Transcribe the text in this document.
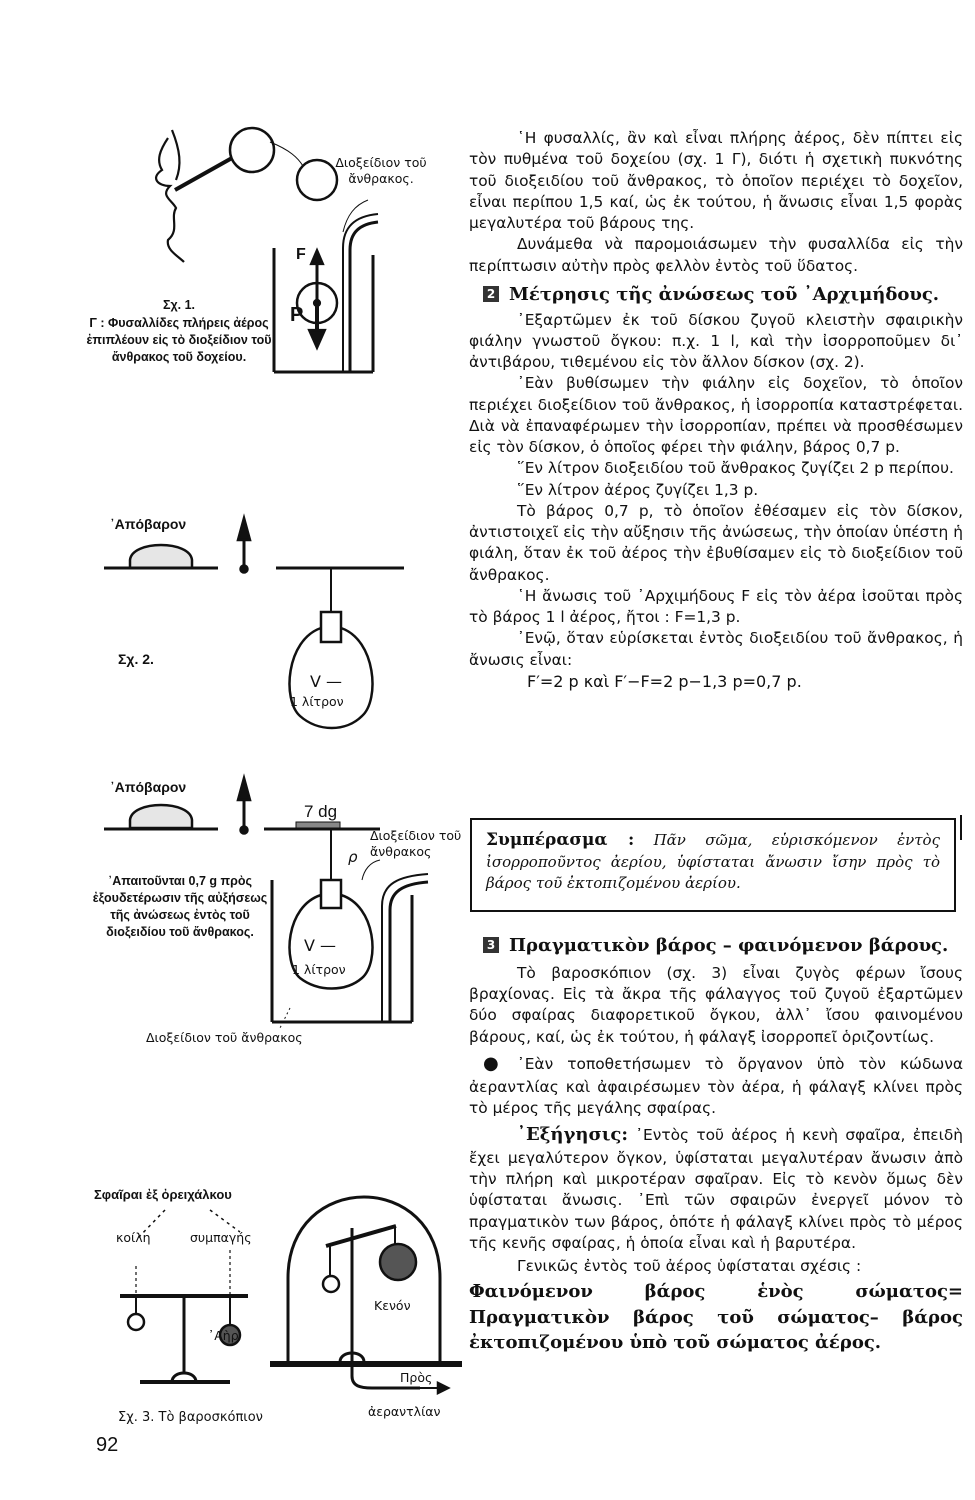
Διοξείδιον τοῦ ἄνθρακος.
F
P
Σχ. 1.
Γ : Φυσαλλίδες πλήρεις ἀέρος ἐπιπλέουν εἰς τὸ διοξείδιον τοῦ ἄνθρακος τοῦ δοχείου.
᾿Απόβαρον
Σχ. 2.
V —
1 λίτρον
᾿Απόβαρον
7 dg
Διοξείδιον τοῦ ἄνθρακος
ρ
᾿Απαιτοῦνται 0,7 g πρὸς ἐξουδετέρωσιν τῆς αὐξήσεως τῆς ἀνώσεως ἐντὸς τοῦ διοξειδίου τοῦ ἄνθρακος.
V —
1 λίτρον
Διοξείδιον τοῦ ἄνθρακος
Σφαῖραι ἐξ ὀρειχάλκου
κοίλη	συμπαγής
᾿Αὴρ
Κενόν
Πρὸς
ἀεραντλίαν
Σχ. 3. Τὸ βαροσκόπιον

῾Η φυσαλλίς, ἂν καὶ εἶναι πλήρης ἀέρος, δὲν πίπτει εἰς τὸν πυθμένα τοῦ δοχείου (σχ. 1 Γ), διότι ἡ σχετικὴ πυκνότης τοῦ διοξειδίου τοῦ ἄνθρακος, τὸ ὁποῖον περιέχει τὸ δοχεῖον, εἶναι περίπου 1,5 καί, ὡς ἐκ τούτου, ἡ ἄνωσις εἶναι 1,5 φορὰς μεγαλυτέρα τοῦ βάρους της.

Δυνάμεθα νὰ παρομοιάσωμεν τὴν φυσαλλίδα εἰς τὴν περίπτωσιν αὐτὴν πρὸς φελλὸν ἐντὸς τοῦ ὕδατος.

2 Μέτρησις τῆς ἀνώσεως τοῦ ᾿Αρχιμήδους.

᾿Εξαρτῶμεν ἐκ τοῦ δίσκου ζυγοῦ κλειστὴν σφαιρικὴν φιάλην γνωστοῦ ὄγκου: π.χ. 1 l, καὶ τὴν ἰσορροποῦμεν δι᾿ ἀντιβάρου, τιθεμένου εἰς τὸν ἄλλον δίσκον (σχ. 2).

᾿Εὰν βυθίσωμεν τὴν φιάλην εἰς δοχεῖον, τὸ ὁποῖον περιέχει διοξείδιον τοῦ ἄνθρακος, ἡ ἰσορροπία καταστρέφεται. Διὰ νὰ ἐπαναφέρωμεν τὴν ἰσορροπίαν, πρέπει νὰ προσθέσωμεν εἰς τὸν δίσκον, ὁ ὁποῖος φέρει τὴν φιάλην, βάρος 0,7 p.

῞Εν λίτρον διοξειδίου τοῦ ἄνθρακος ζυγίζει 2 p περίπου.

῞Εν λίτρον ἀέρος ζυγίζει 1,3 p.

Τὸ βάρος 0,7 p, τὸ ὁποῖον ἐθέσαμεν εἰς τὸν δίσκον, ἀντιστοιχεῖ εἰς τὴν αὔξησιν τῆς ἀνώσεως, τὴν ὁποίαν ὑπέστη ἡ φιάλη, ὅταν ἐκ τοῦ ἀέρος τὴν ἐβυθίσαμεν εἰς τὸ διοξείδιον τοῦ ἄνθρακος.

῾Η ἄνωσις τοῦ ᾿Αρχιμήδους F εἰς τὸν ἀέρα ἰσοῦται πρὸς τὸ βάρος 1 l ἀέρος, ἤτοι : F=1,3 p.

᾿Ενῷ, ὅταν εὑρίσκεται ἐντὸς διοξειδίου τοῦ ἄνθρακος, ἡ ἄνωσις εἶναι:

F′=2 p καὶ F′−F=2 p−1,3 p=0,7 p.

Συμπέρασμα : Πᾶν σῶμα, εὑρισκόμενον ἐντὸς ἰσορροποῦντος ἀερίου, ὑφίσταται ἄνωσιν ἴσην πρὸς τὸ βάρος τοῦ ἐκτοπιζομένου ἀερίου.

3 Πραγματικὸν βάρος – φαινόμενον βάρους.

Τὸ βαροσκόπιον (σχ. 3) εἶναι ζυγὸς φέρων ἴσους βραχίονας. Εἰς τὰ ἄκρα τῆς φάλαγγος τοῦ ζυγοῦ ἐξαρτῶμεν δύο σφαίρας διαφορετικοῦ ὄγκου, ἀλλ᾿ ἴσου φαινομένου βάρους, καί, ὡς ἐκ τούτου, ἡ φάλαγξ ἰσορροπεῖ ὁριζοντίως.

● ᾿Εὰν τοποθετήσωμεν τὸ ὄργανον ὑπὸ τὸν κώδωνα ἀεραντλίας καὶ ἀφαιρέσωμεν τὸν ἀέρα, ἡ φάλαγξ κλίνει πρὸς τὸ μέρος τῆς μεγάλης σφαίρας.

᾿Εξήγησις: ᾿Εντὸς τοῦ ἀέρος ἡ κενὴ σφαῖρα, ἐπειδὴ ἔχει μεγαλύτερον ὄγκον, ὑφίσταται μεγαλυτέραν ἄνωσιν ἀπὸ τὴν πλήρη καὶ μικροτέραν σφαῖραν. Εἰς τὸ κενὸν ὅμως δὲν ὑφίσταται ἄνωσις. ᾿Επὶ τῶν σφαιρῶν ἐνεργεῖ μόνον τὸ πραγματικὸν των βάρος, ὁπότε ἡ φάλαγξ κλίνει πρὸς τὸ μέρος τῆς κενῆς σφαίρας, ἡ ὁποία εἶναι καὶ ἡ βαρυτέρα.

Γενικῶς ἐντὸς τοῦ ἀέρος ὑφίσταται σχέσις :

Φαινόμενον βάρος ἑνὸς σώματος= Πραγματικὸν βάρος τοῦ σώματος– βάρος ἐκτοπιζομένου ὑπὸ τοῦ σώματος ἀέρος.

92
